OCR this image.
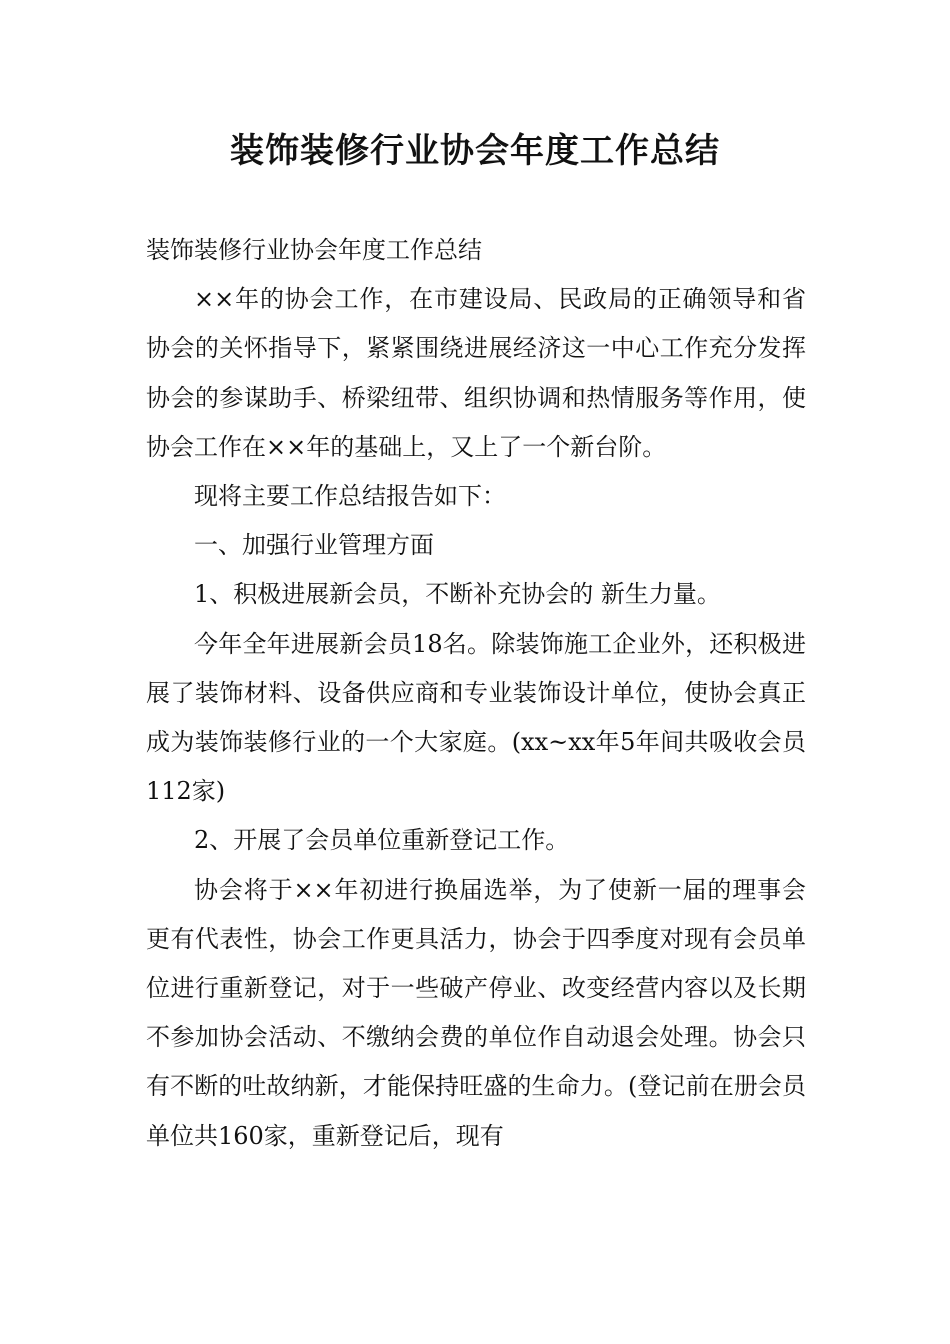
装饰装修行业协会年度工作总结

装饰装修行业协会年度工作总结

××年的协会工作，在市建设局、民政局的正确领导和省协会的关怀指导下，紧紧围绕进展经济这一中心工作充分发挥协会的参谋助手、桥梁纽带、组织协调和热情服务等作用，使协会工作在××年的基础上，又上了一个新台阶。

现将主要工作总结报告如下：

一、加强行业管理方面

1、积极进展新会员，不断补充协会的 新生力量。

今年全年进展新会员18名。除装饰施工企业外，还积极进展了装饰材料、设备供应商和专业装饰设计单位，使协会真正成为装饰装修行业的一个大家庭。(xx~xx年5年间共吸收会员112家)

2、开展了会员单位重新登记工作。

协会将于××年初进行换届选举，为了使新一届的理事会更有代表性，协会工作更具活力，协会于四季度对现有会员单位进行重新登记，对于一些破产停业、改变经营内容以及长期不参加协会活动、不缴纳会费的单位作自动退会处理。协会只有不断的吐故纳新，才能保持旺盛的生命力。(登记前在册会员单位共160家，重新登记后，现有
